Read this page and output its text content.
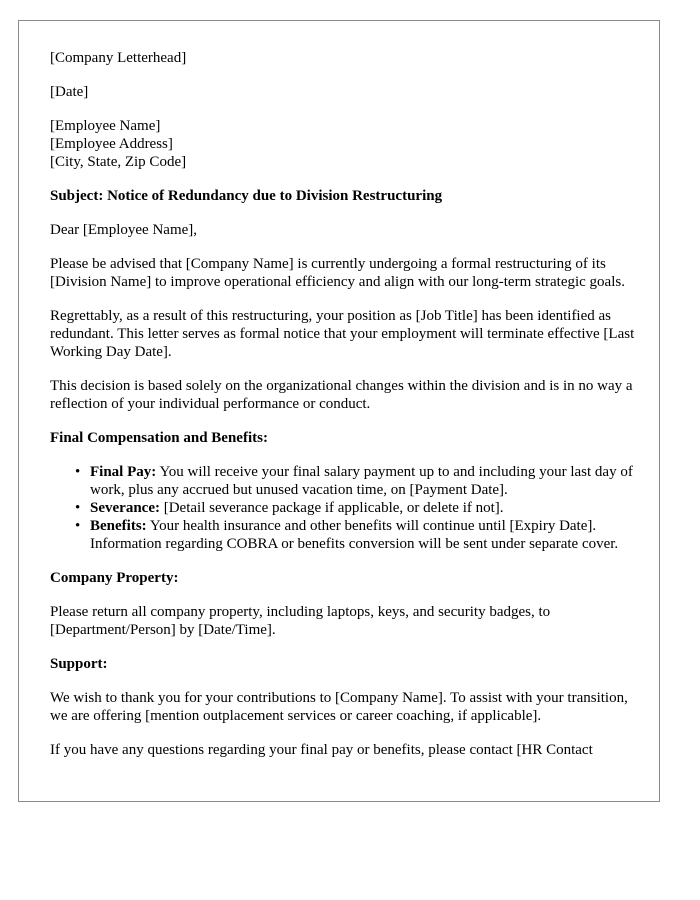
[Company Letterhead]

[Date]

[Employee Name]
[Employee Address]
[City, State, Zip Code]

Subject: Notice of Redundancy due to Division Restructuring

Dear [Employee Name],

Please be advised that [Company Name] is currently undergoing a formal restructuring of its [Division Name] to improve operational efficiency and align with our long-term strategic goals.

Regrettably, as a result of this restructuring, your position as [Job Title] has been identified as redundant. This letter serves as formal notice that your employment will terminate effective [Last Working Day Date].

This decision is based solely on the organizational changes within the division and is in no way a reflection of your individual performance or conduct.

Final Compensation and Benefits:

• Final Pay: You will receive your final salary payment up to and including your last day of work, plus any accrued but unused vacation time, on [Payment Date].
• Severance: [Detail severance package if applicable, or delete if not].
• Benefits: Your health insurance and other benefits will continue until [Expiry Date]. Information regarding COBRA or benefits conversion will be sent under separate cover.

Company Property:

Please return all company property, including laptops, keys, and security badges, to [Department/Person] by [Date/Time].

Support:

We wish to thank you for your contributions to [Company Name]. To assist with your transition, we are offering [mention outplacement services or career coaching, if applicable].

If you have any questions regarding your final pay or benefits, please contact [HR Contact
